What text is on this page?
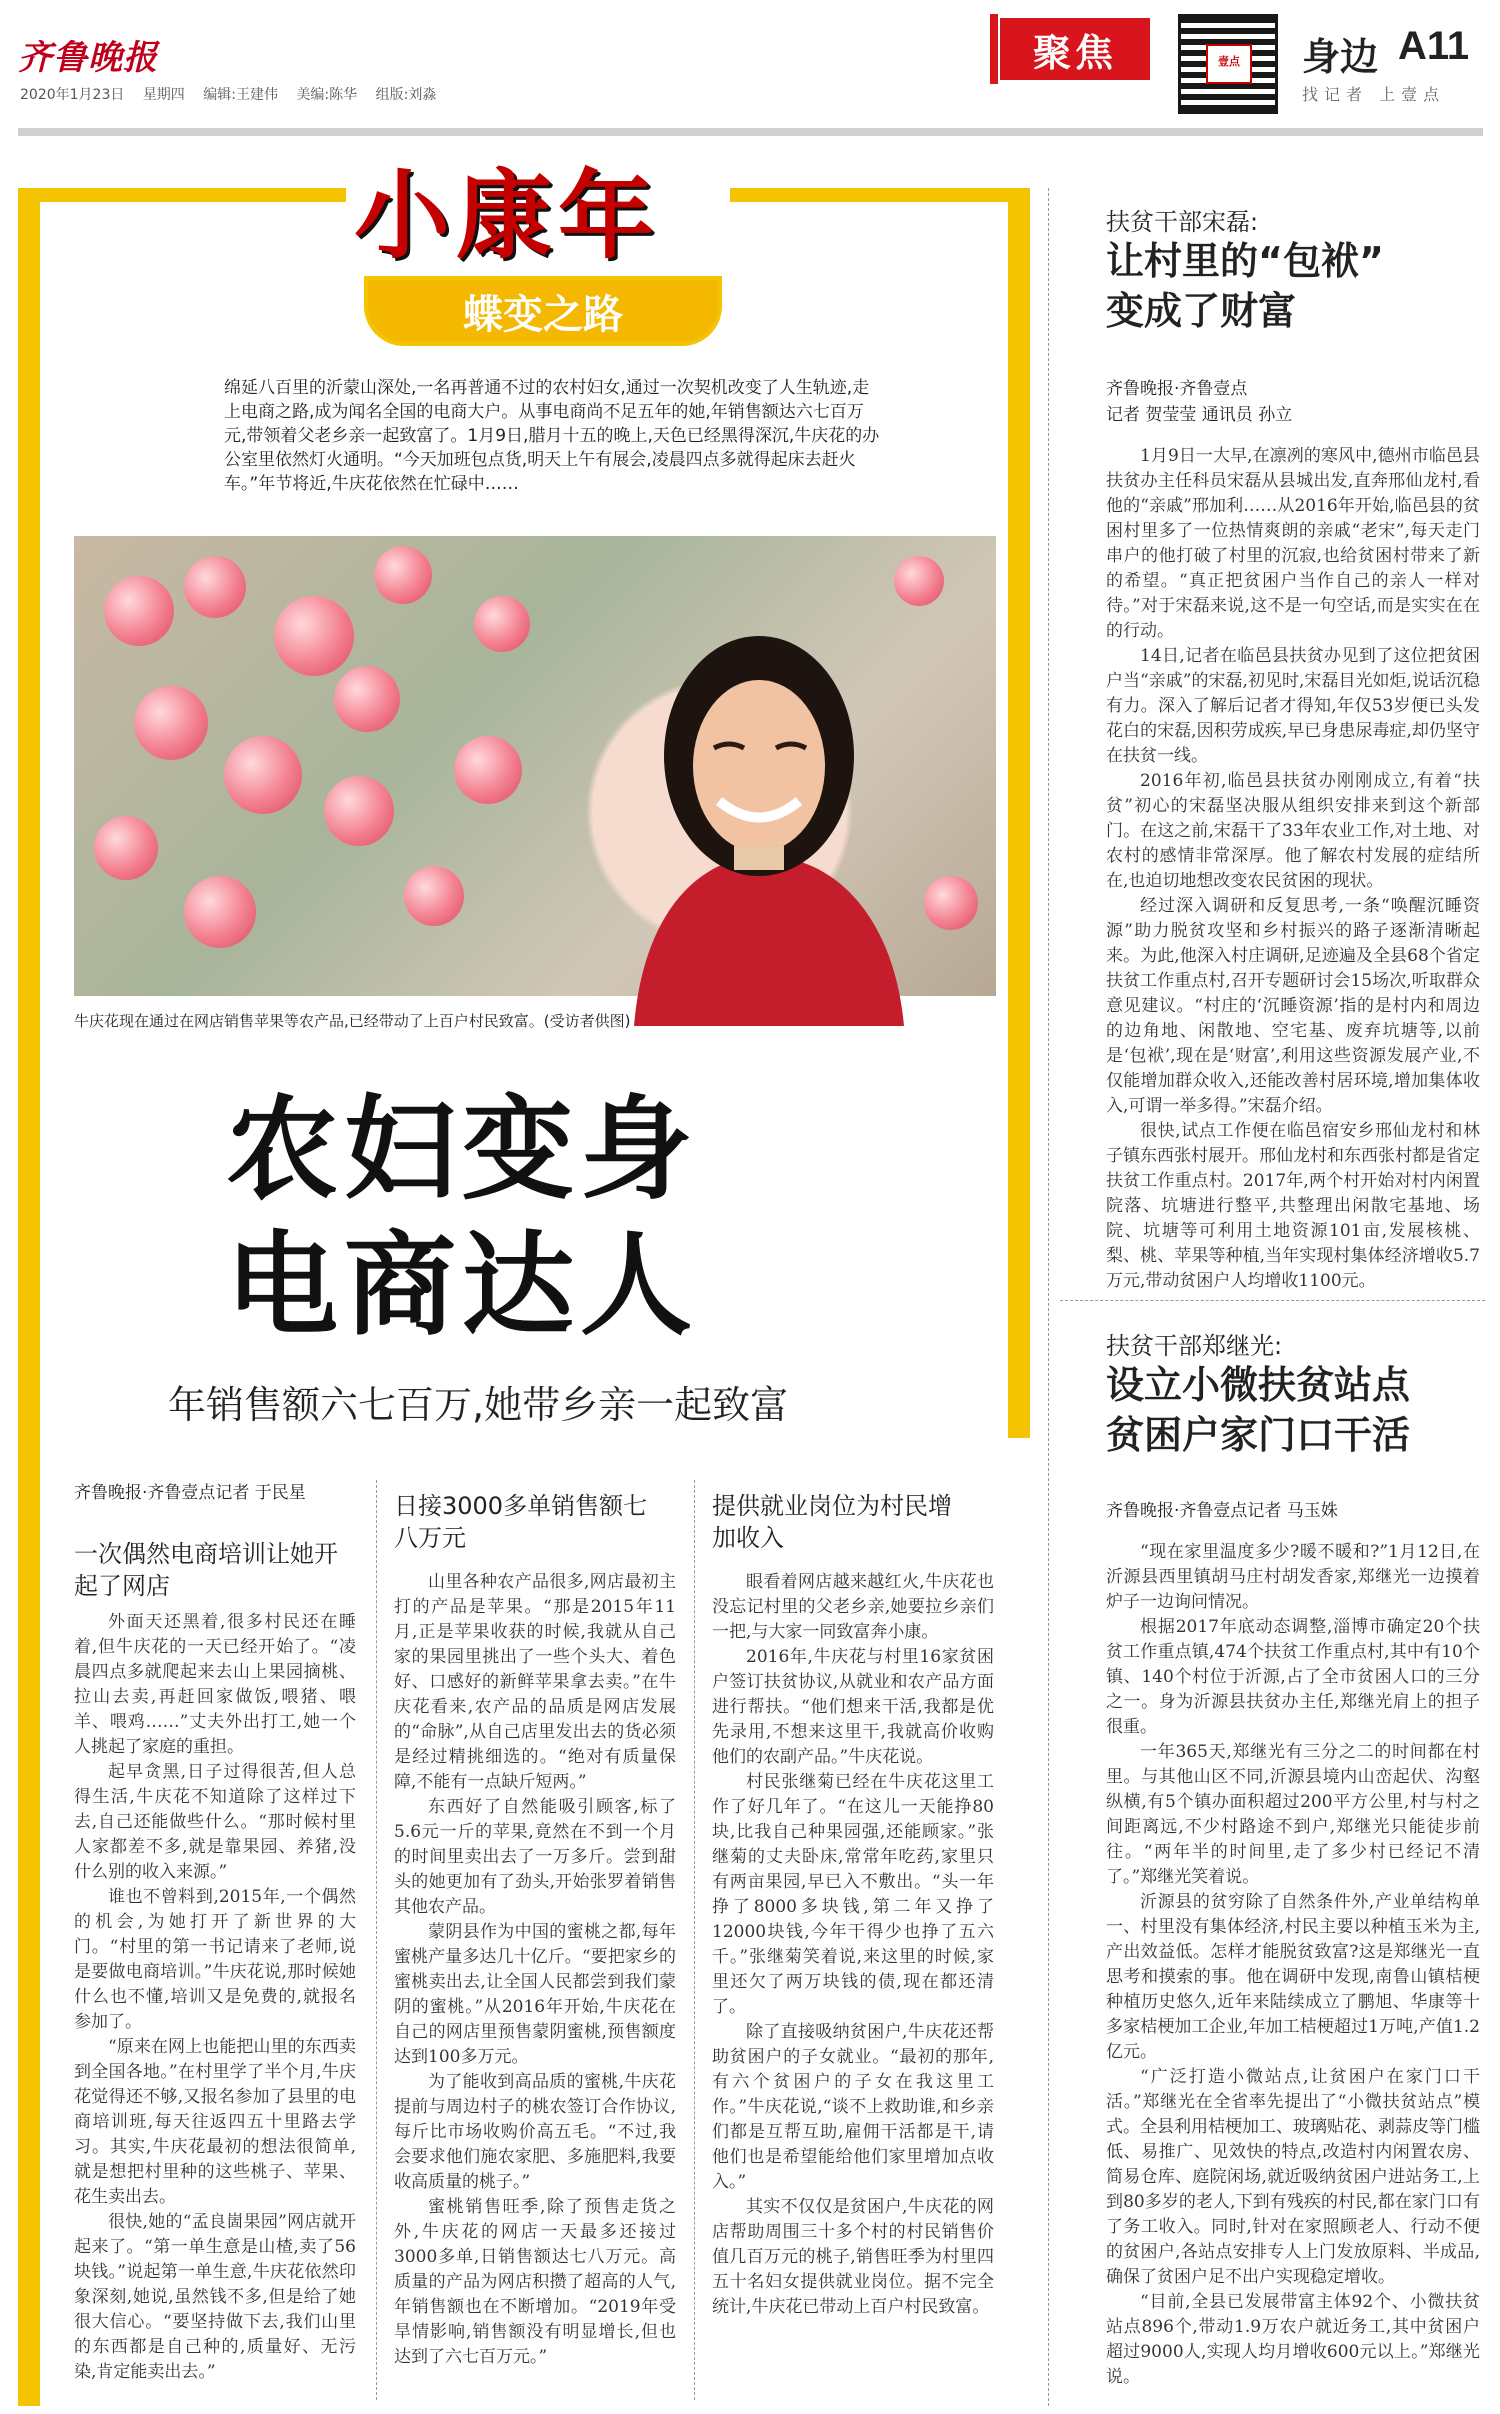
齐鲁晚报
2020年1月23日 星期四 编辑:王建伟 美编:陈华 组版:刘淼
聚焦	壹点	身边 A11
找记者 上壹点
小康年
蝶变之路
绵延八百里的沂蒙山深处,一名再普通不过的农村妇女,通过一次契机改变了人生轨迹,走上电商之路,成为闻名全国的电商大户。从事电商尚不足五年的她,年销售额达六七百万元,带领着父老乡亲一起致富了。1月9日,腊月十五的晚上,天色已经黑得深沉,牛庆花的办公室里依然灯火通明。“今天加班包点货,明天上午有展会,凌晨四点多就得起床去赶火车。”年节将近,牛庆花依然在忙碌中……
牛庆花现在通过在网店销售苹果等农产品,已经带动了上百户村民致富。(受访者供图)
农妇变身
电商达人
年销售额六七百万,她带乡亲一起致富
齐鲁晚报·齐鲁壹点记者 于民星
一次偶然电商培训让她开起了网店

外面天还黑着,很多村民还在睡着,但牛庆花的一天已经开始了。“凌晨四点多就爬起来去山上果园摘桃、拉山去卖,再赶回家做饭,喂猪、喂羊、喂鸡……”丈夫外出打工,她一个人挑起了家庭的重担。

起早贪黑,日子过得很苦,但人总得生活,牛庆花不知道除了这样过下去,自己还能做些什么。“那时候村里人家都差不多,就是靠果园、养猪,没什么别的收入来源。”

谁也不曾料到,2015年,一个偶然的机会,为她打开了新世界的大门。“村里的第一书记请来了老师,说是要做电商培训。”牛庆花说,那时候她什么也不懂,培训又是免费的,就报名参加了。

“原来在网上也能把山里的东西卖到全国各地。”在村里学了半个月,牛庆花觉得还不够,又报名参加了县里的电商培训班,每天往返四五十里路去学习。其实,牛庆花最初的想法很简单,就是想把村里种的这些桃子、苹果、花生卖出去。

很快,她的“孟良崮果园”网店就开起来了。“第一单生意是山楂,卖了56块钱。”说起第一单生意,牛庆花依然印象深刻,她说,虽然钱不多,但是给了她很大信心。“要坚持做下去,我们山里的东西都是自己种的,质量好、无污染,肯定能卖出去。”

日接3000多单销售额七八万元

山里各种农产品很多,网店最初主打的产品是苹果。“那是2015年11月,正是苹果收获的时候,我就从自己家的果园里挑出了一些个头大、着色好、口感好的新鲜苹果拿去卖。”在牛庆花看来,农产品的品质是网店发展的“命脉”,从自己店里发出去的货必须是经过精挑细选的。“绝对有质量保障,不能有一点缺斤短两。”

东西好了自然能吸引顾客,标了5.6元一斤的苹果,竟然在不到一个月的时间里卖出去了一万多斤。尝到甜头的她更加有了劲头,开始张罗着销售其他农产品。

蒙阴县作为中国的蜜桃之都,每年蜜桃产量多达几十亿斤。“要把家乡的蜜桃卖出去,让全国人民都尝到我们蒙阴的蜜桃。”从2016年开始,牛庆花在自己的网店里预售蒙阴蜜桃,预售额度达到100多万元。

为了能收到高品质的蜜桃,牛庆花提前与周边村子的桃农签订合作协议,每斤比市场收购价高五毛。“不过,我会要求他们施农家肥、多施肥料,我要收高质量的桃子。”

蜜桃销售旺季,除了预售走货之外,牛庆花的网店一天最多还接过3000多单,日销售额达七八万元。高质量的产品为网店积攒了超高的人气,年销售额也在不断增加。“2019年受旱情影响,销售额没有明显增长,但也达到了六七百万元。”

提供就业岗位为村民增加收入

眼看着网店越来越红火,牛庆花也没忘记村里的父老乡亲,她要拉乡亲们一把,与大家一同致富奔小康。

2016年,牛庆花与村里16家贫困户签订扶贫协议,从就业和农产品方面进行帮扶。“他们想来干活,我都是优先录用,不想来这里干,我就高价收购他们的农副产品。”牛庆花说。

村民张继菊已经在牛庆花这里工作了好几年了。“在这儿一天能挣80块,比我自己种果园强,还能顾家。”张继菊的丈夫卧床,常常年吃药,家里只有两亩果园,早已入不敷出。“头一年挣了8000多块钱,第二年又挣了12000块钱,今年干得少也挣了五六千。”张继菊笑着说,来这里的时候,家里还欠了两万块钱的债,现在都还清了。

除了直接吸纳贫困户,牛庆花还帮助贫困户的子女就业。“最初的那年,有六个贫困户的子女在我这里工作。”牛庆花说,“谈不上救助谁,和乡亲们都是互帮互助,雇佣干活都是干,请他们也是希望能给他们家里增加点收入。”

其实不仅仅是贫困户,牛庆花的网店帮助周围三十多个村的村民销售价值几百万元的桃子,销售旺季为村里四五十名妇女提供就业岗位。据不完全统计,牛庆花已带动上百户村民致富。

扶贫干部宋磊:
让村里的“包袱”
变成了财富
齐鲁晚报·齐鲁壹点
记者 贺莹莹 通讯员 孙立

1月9日一大早,在凛冽的寒风中,德州市临邑县扶贫办主任科员宋磊从县城出发,直奔邢仙龙村,看他的“亲戚”邢加利……从2016年开始,临邑县的贫困村里多了一位热情爽朗的亲戚“老宋”,每天走门串户的他打破了村里的沉寂,也给贫困村带来了新的希望。“真正把贫困户当作自己的亲人一样对待。”对于宋磊来说,这不是一句空话,而是实实在在的行动。

14日,记者在临邑县扶贫办见到了这位把贫困户当“亲戚”的宋磊,初见时,宋磊目光如炬,说话沉稳有力。深入了解后记者才得知,年仅53岁便已头发花白的宋磊,因积劳成疾,早已身患尿毒症,却仍坚守在扶贫一线。

2016年初,临邑县扶贫办刚刚成立,有着“扶贫”初心的宋磊坚决服从组织安排来到这个新部门。在这之前,宋磊干了33年农业工作,对土地、对农村的感情非常深厚。他了解农村发展的症结所在,也迫切地想改变农民贫困的现状。

经过深入调研和反复思考,一条“唤醒沉睡资源”助力脱贫攻坚和乡村振兴的路子逐渐清晰起来。为此,他深入村庄调研,足迹遍及全县68个省定扶贫工作重点村,召开专题研讨会15场次,听取群众意见建议。“村庄的‘沉睡资源’指的是村内和周边的边角地、闲散地、空宅基、废弃坑塘等,以前是‘包袱’,现在是‘财富’,利用这些资源发展产业,不仅能增加群众收入,还能改善村居环境,增加集体收入,可谓一举多得。”宋磊介绍。

很快,试点工作便在临邑宿安乡邢仙龙村和林子镇东西张村展开。邢仙龙村和东西张村都是省定扶贫工作重点村。2017年,两个村开始对村内闲置院落、坑塘进行整平,共整理出闲散宅基地、场院、坑塘等可利用土地资源101亩,发展核桃、梨、桃、苹果等种植,当年实现村集体经济增收5.7万元,带动贫困户人均增收1100元。

扶贫干部郑继光:
设立小微扶贫站点
贫困户家门口干活
齐鲁晚报·齐鲁壹点记者 马玉姝

“现在家里温度多少?暖不暖和?”1月12日,在沂源县西里镇胡马庄村胡发香家,郑继光一边摸着炉子一边询问情况。

根据2017年底动态调整,淄博市确定20个扶贫工作重点镇,474个扶贫工作重点村,其中有10个镇、140个村位于沂源,占了全市贫困人口的三分之一。身为沂源县扶贫办主任,郑继光肩上的担子很重。

一年365天,郑继光有三分之二的时间都在村里。与其他山区不同,沂源县境内山峦起伏、沟壑纵横,有5个镇办面积超过200平方公里,村与村之间距离远,不少村路途不到户,郑继光只能徒步前往。“两年半的时间里,走了多少村已经记不清了。”郑继光笑着说。

沂源县的贫穷除了自然条件外,产业单结构单一、村里没有集体经济,村民主要以种植玉米为主,产出效益低。怎样才能脱贫致富?这是郑继光一直思考和摸索的事。他在调研中发现,南鲁山镇桔梗种植历史悠久,近年来陆续成立了鹏旭、华康等十多家桔梗加工企业,年加工桔梗超过1万吨,产值1.2亿元。

“广泛打造小微站点,让贫困户在家门口干活。”郑继光在全省率先提出了“小微扶贫站点”模式。全县利用桔梗加工、玻璃贴花、剥蒜皮等门槛低、易推广、见效快的特点,改造村内闲置农房、简易仓库、庭院闲场,就近吸纳贫困户进站务工,上到80多岁的老人,下到有残疾的村民,都在家门口有了务工收入。同时,针对在家照顾老人、行动不便的贫困户,各站点安排专人上门发放原料、半成品,确保了贫困户足不出户实现稳定增收。

“目前,全县已发展带富主体92个、小微扶贫站点896个,带动1.9万农户就近务工,其中贫困户超过9000人,实现人均月增收600元以上。”郑继光说。
